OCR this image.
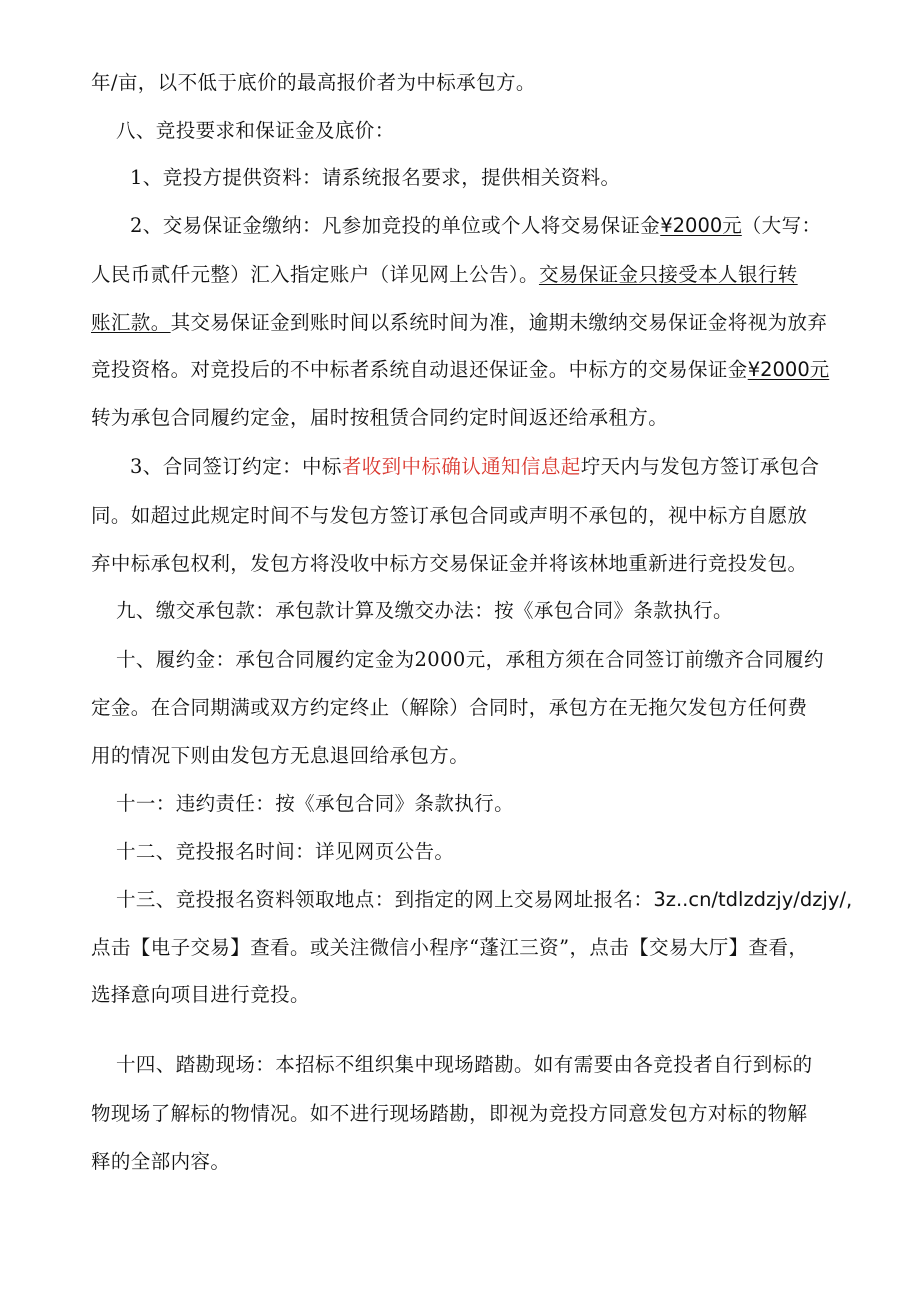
年/亩，以不低于底价的最高报价者为中标承包方。
八、竞投要求和保证金及底价：
1、竞投方提供资料：请系统报名要求，提供相关资料。
2、交易保证金缴纳：凡参加竞投的单位或个人将交易保证金¥2000元（大写：
人民币贰仟元整）汇入指定账户（详见网上公告）。交易保证金只接受本人银行转
账汇款。其交易保证金到账时间以系统时间为准，逾期未缴纳交易保证金将视为放弃
竞投资格。对竞投后的不中标者系统自动退还保证金。中标方的交易保证金¥2000元
转为承包合同履约定金，届时按租赁合同约定时间返还给承租方。
3、合同签订约定：中标者收到中标确认通知信息起坾天内与发包方签订承包合
同。如超过此规定时间不与发包方签订承包合同或声明不承包的，视中标方自愿放
弃中标承包权利，发包方将没收中标方交易保证金并将该林地重新进行竞投发包。
九、缴交承包款：承包款计算及缴交办法：按《承包合同》条款执行。
十、履约金：承包合同履约定金为2000元，承租方须在合同签订前缴齐合同履约
定金。在合同期满或双方约定终止（解除）合同时，承包方在无拖欠发包方任何费
用的情况下则由发包方无息退回给承包方。
十一：违约责任：按《承包合同》条款执行。
十二、竞投报名时间：详见网页公告。
十三、竞投报名资料领取地点：到指定的网上交易网址报名：3z..cn/tdlzdzjy/dzjy/,
点击【电子交易】查看。或关注微信小程序“蓬江三资”，点击【交易大厅】查看，
选择意向项目进行竞投。
十四、踏勘现场：本招标不组织集中现场踏勘。如有需要由各竞投者自行到标的
物现场了解标的物情况。如不进行现场踏勘，即视为竞投方同意发包方对标的物解
释的全部内容。
